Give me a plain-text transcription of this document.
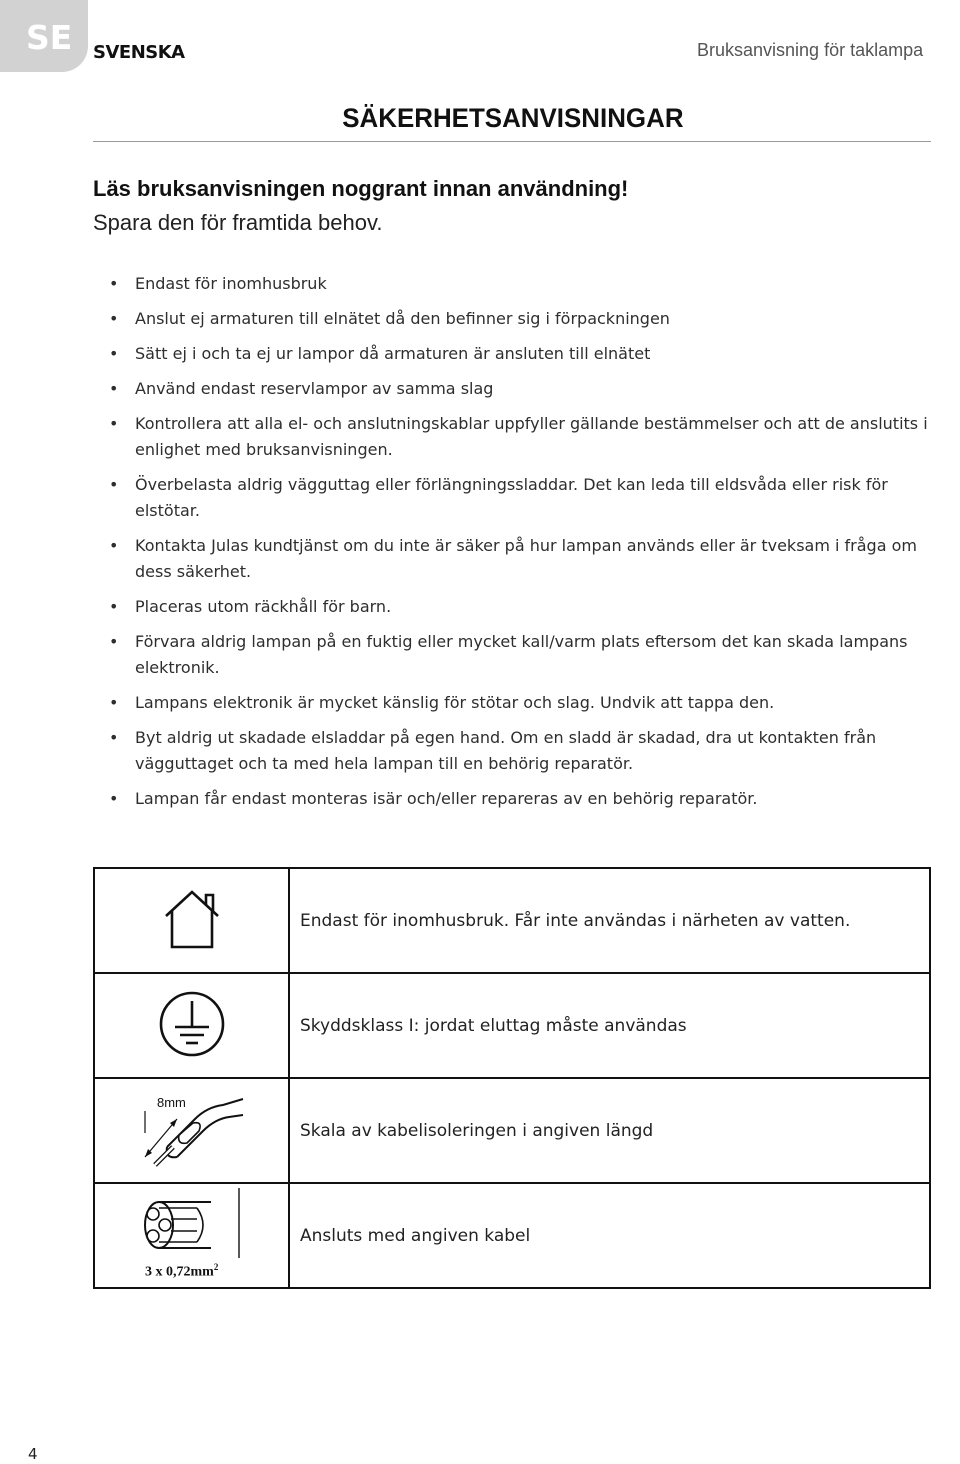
SE SVENSKA	Bruksanvisning för taklampa
SÄKERHETSANVISNINGAR
Läs bruksanvisningen noggrant innan användning!
Spara den för framtida behov.
• Endast för inomhusbruk
• Anslut ej armaturen till elnätet då den befinner sig i förpackningen
• Sätt ej i och ta ej ur lampor då armaturen är ansluten till elnätet
• Använd endast reservlampor av samma slag
• Kontrollera att alla el- och anslutningskablar uppfyller gällande bestämmelser och att de anslutits i enlighet med bruksanvisningen.
• Överbelasta aldrig vägguttag eller förlängningssladdar. Det kan leda till eldsvåda eller risk för elstötar.
• Kontakta Julas kundtjänst om du inte är säker på hur lampan används eller är tveksam i fråga om dess säkerhet.
• Placeras utom räckhåll för barn.
• Förvara aldrig lampan på en fuktig eller mycket kall/varm plats eftersom det kan skada lampans elektronik.
• Lampans elektronik är mycket känslig för stötar och slag. Undvik att tappa den.
• Byt aldrig ut skadade elsladdar på egen hand. Om en sladd är skadad, dra ut kontakten från vägguttaget och ta med hela lampan till en behörig reparatör.
• Lampan får endast monteras isär och/eller repareras av en behörig reparatör.
	Endast för inomhusbruk. Får inte användas i närheten av vatten.
	Skyddsklass I: jordat eluttag måste användas

8mm	Skala av kabelisoleringen i angiven längd

3 x $0,72mm^2$	Ansluts med angiven kabel
4
